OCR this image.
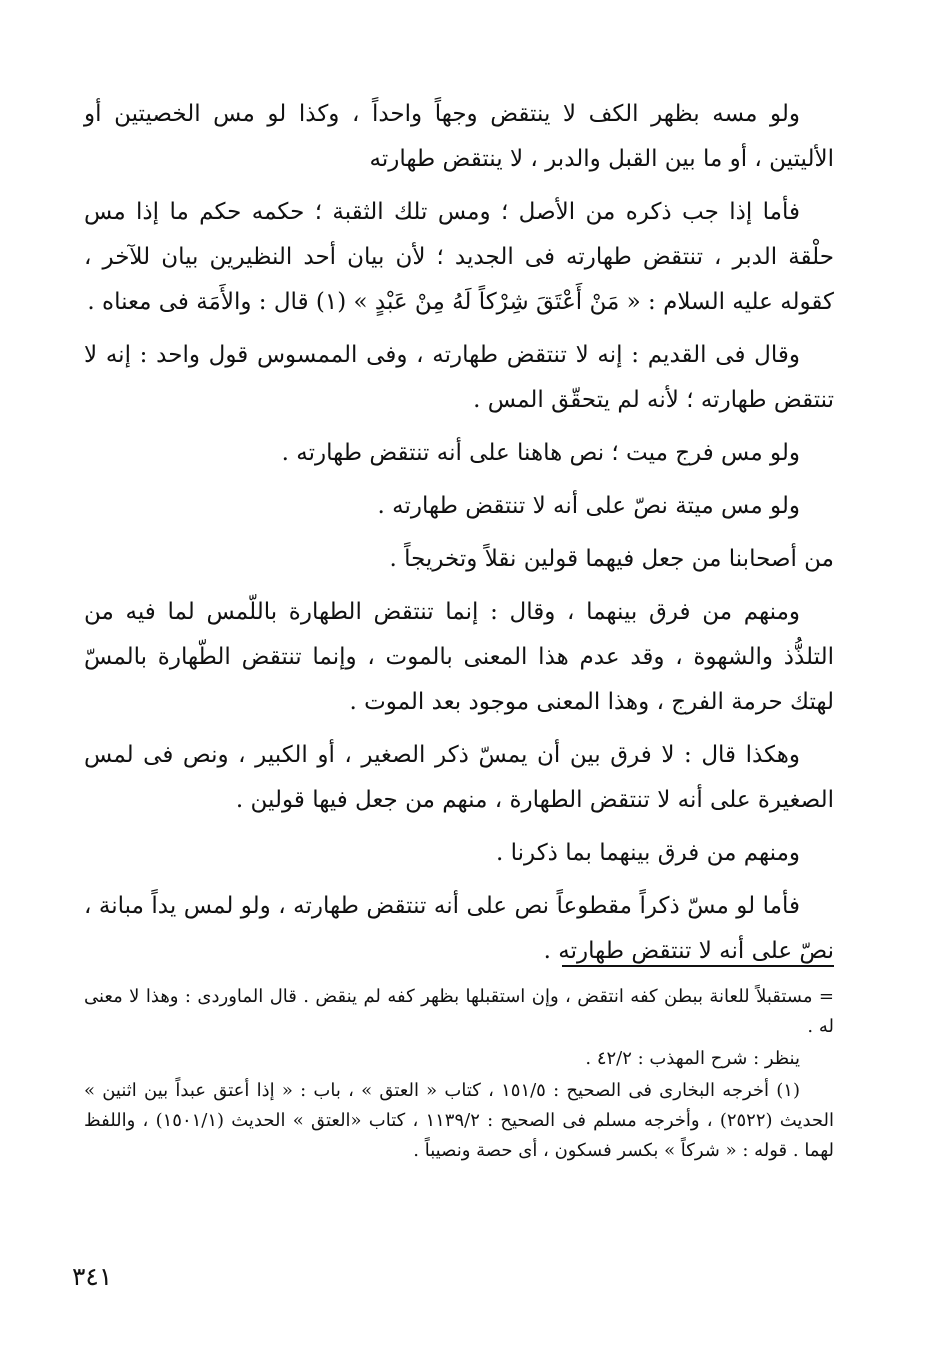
ولو مسه بظهر الكف لا ينتقض وجهاً واحداً ، وكذا لو مس الخصيتين أو الأليتين ، أو ما بين القبل والدبر ، لا ينتقض طهارته

فأما إذا جب ذكره من الأصل ؛ ومس تلك الثقبة ؛ حكمه حكم ما إذا مس حلْقة الدبر ، تنتقض طهارته فى الجديد ؛ لأن بيان أحد النظيرين بيان للآخر ، كقوله عليه السلام : « مَنْ أَعْتَقَ شِرْكاً لَهُ مِنْ عَبْدٍ » (١) قال : والأَمَة فى معناه .

وقال فى القديم : إنه لا تنتقض طهارته ، وفى الممسوس قول واحد : إنه لا تنتقض طهارته ؛ لأنه لم يتحقّق المس .

ولو مس فرج ميت ؛ نص هاهنا على أنه تنتقض طهارته .

ولو مس ميتة نصّ على أنه لا تنتقض طهارته .

من أصحابنا من جعل فيهما قولين نقلاً وتخريجاً .

ومنهم من فرق بينهما ، وقال : إنما تنتقض الطهارة باللّمس لما فيه من التلذُّذ والشهوة ، وقد عدم هذا المعنى بالموت ، وإنما تنتقض الطّهارة بالمسّ لهتك حرمة الفرج ، وهذا المعنى موجود بعد الموت .

وهكذا قال : لا فرق بين أن يمسّ ذكر الصغير ، أو الكبير ، ونص فى لمس الصغيرة على أنه لا تنتقض الطهارة ، منهم من جعل فيها قولين .

ومنهم من فرق بينهما بما ذكرنا .

فأما لو مسّ ذكراً مقطوعاً نص على أنه تنتقض طهارته ، ولو لمس يداً مبانة ، نصّ على أنه لا تنتقض طهارته .

= مستقبلاً للعانة ببطن كفه انتقض ، وإن استقبلها بظهر كفه لم ينقض . قال الماوردى : وهذا لا معنى له .

ينظر : شرح المهذب : ٤٢/٢ .

(١) أخرجه البخارى فى الصحيح : ١٥١/٥ ، كتاب « العتق » ، باب : « إذا أعتق عبداً بين اثنين » الحديث (٢٥٢٢) ، وأخرجه مسلم فى الصحيح : ١١٣٩/٢ ، كتاب «العتق » الحديث (١٥٠١/١) ، واللفظ لهما . قوله : « شركاً » بكسر فسكون ، أى حصة ونصيباً .

٣٤١
